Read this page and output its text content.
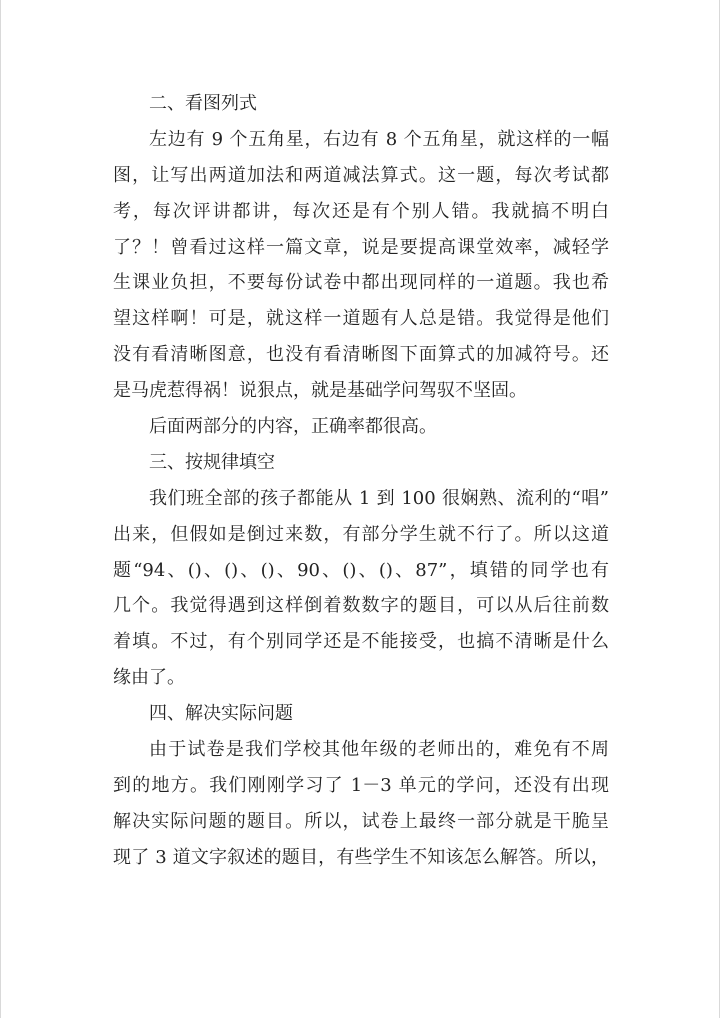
二、看图列式
左边有 9 个五角星，右边有 8 个五角星，就这样的一幅
图，让写出两道加法和两道减法算式。这一题，每次考试都
考，每次评讲都讲，每次还是有个别人错。我就搞不明白
了？！曾看过这样一篇文章，说是要提高课堂效率，减轻学
生课业负担，不要每份试卷中都出现同样的一道题。我也希
望这样啊！可是，就这样一道题有人总是错。我觉得是他们
没有看清晰图意，也没有看清晰图下面算式的加减符号。还
是马虎惹得祸！说狠点，就是基础学问驾驭不坚固。
后面两部分的内容，正确率都很高。
三、按规律填空
我们班全部的孩子都能从 1 到 100 很娴熟、流利的“唱”
出来，但假如是倒过来数，有部分学生就不行了。所以这道
题“94、()、()、()、90、()、()、87”，填错的同学也有
几个。我觉得遇到这样倒着数数字的题目，可以从后往前数
着填。不过，有个别同学还是不能接受，也搞不清晰是什么
缘由了。
四、解决实际问题
由于试卷是我们学校其他年级的老师出的，难免有不周
到的地方。我们刚刚学习了 1－3 单元的学问，还没有出现
解决实际问题的题目。所以，试卷上最终一部分就是干脆呈
现了 3 道文字叙述的题目，有些学生不知该怎么解答。所以，
